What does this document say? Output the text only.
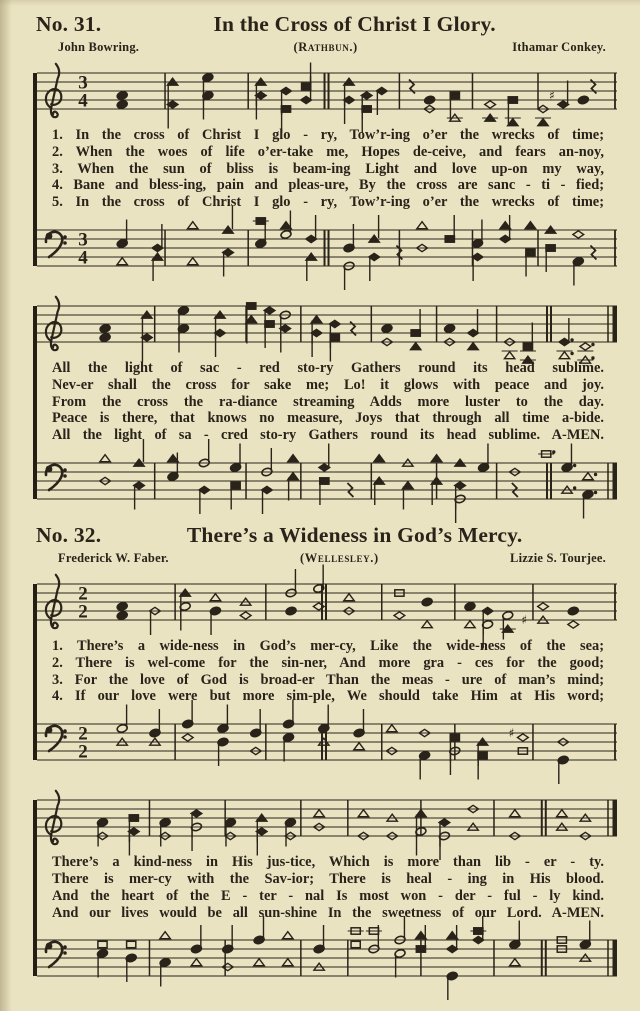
No. 31.	In the Cross of Christ I Glory.
John Bowring.	(Rathbun.)	Ithamar Conkey.
3
4	♯
1. In the cross of Christ I glo - ry, Tow’r-ing o’er the wrecks of time;
2. When the woes of life o’er-take me, Hopes de-ceive, and fears an-noy,
3. When the sun of bliss is beam-ing Light and love up-on my way,
4. Bane and bless-ing, pain and pleas-ure, By the cross are sanc - ti - fied;
5. In the cross of Christ I glo - ry, Tow’r-ing o’er the wrecks of time;
3
4
All the light of sac - red sto-ry Gathers round its head sublime.
Nev-er shall the cross for sake me; Lo! it glows with peace and joy.
From the cross the ra-diance streaming Adds more luster to the day.
Peace is there, that knows no measure, Joys that through all time a-bide.
All the light of sa - cred sto-ry Gathers round its head sublime. A-MEN.
No. 32.	There’s a Wideness in God’s Mercy.
Frederick W. Faber.	(Wellesley.)	Lizzie S. Tourjee.
2
2	♯
1. There’s a wide-ness in God’s mer-cy, Like the wide-ness of the sea;
2. There is wel-come for the sin-ner, And more gra - ces for the good;
3. For the love of God is broad-er Than the meas - ure of man’s mind;
4. If our love were but more sim-ple, We should take Him at His word;
2
2
♯
There’s a kind-ness in His jus-tice, Which is more than lib - er - ty.
There is mer-cy with the Sav-ior; There is heal - ing in His blood.
And the heart of the E - ter - nal Is most won - der - ful - ly kind.
And our lives would be all sun-shine In the sweetness of our Lord. A-MEN.
